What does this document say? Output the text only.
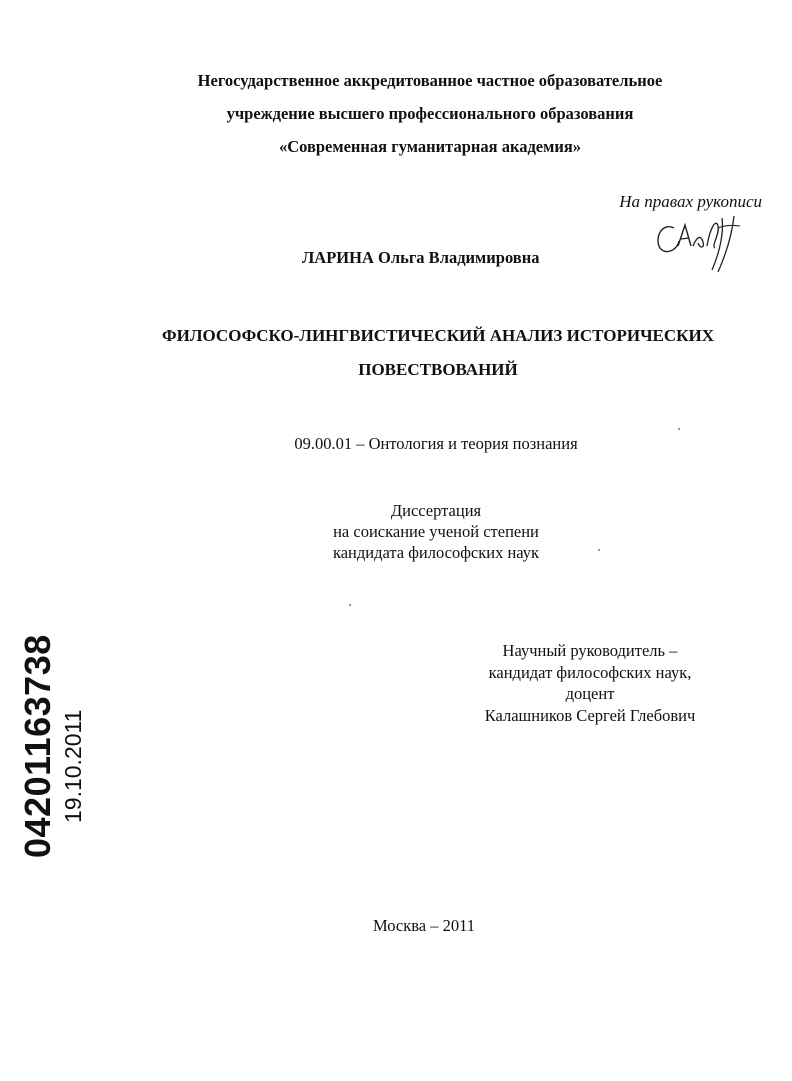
Негосударственное аккредитованное частное образовательное
учреждение высшего профессионального образования
«Современная гуманитарная академия»
На правах рукописи
ЛАРИНА Ольга Владимировна
ФИЛОСОФСКО-ЛИНГВИСТИЧЕСКИЙ АНАЛИЗ ИСТОРИЧЕСКИХ
ПОВЕСТВОВАНИЙ
09.00.01 – Онтология и теория познания
Диссертация
на соискание ученой степени
кандидата философских наук
Научный руководитель –
кандидат философских наук,
доцент
Калашников Сергей Глебович
Москва – 2011
04201163738 19.10.2011
